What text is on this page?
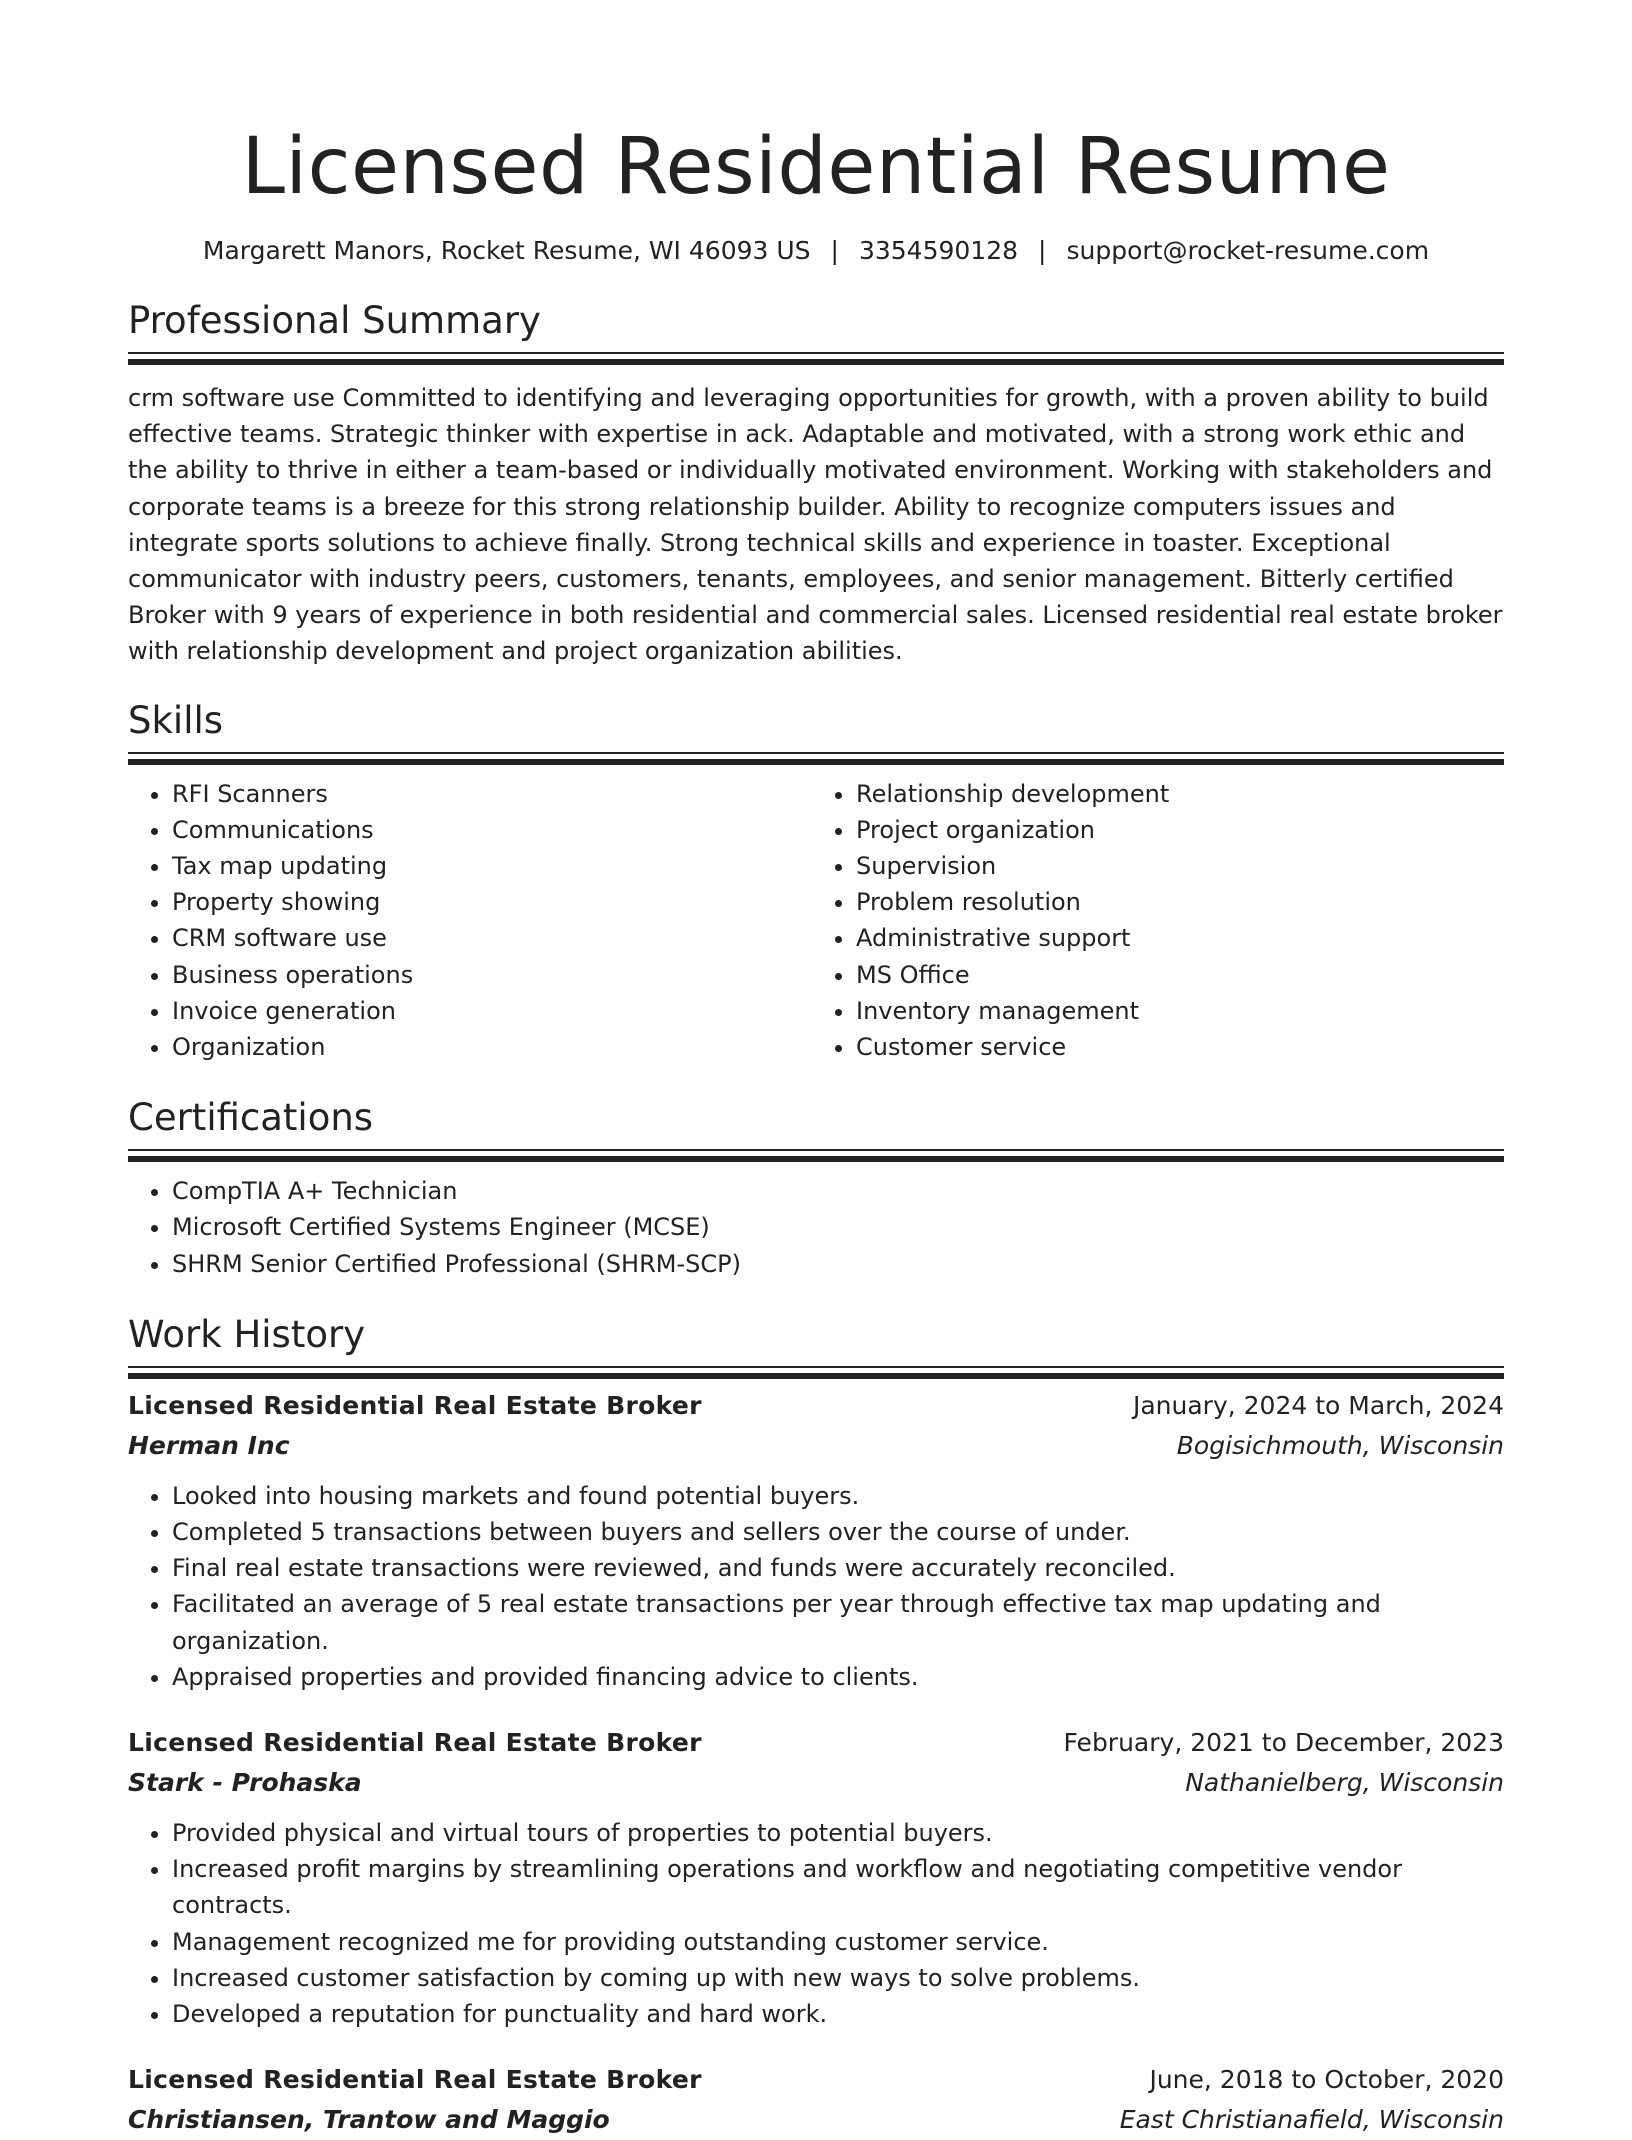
Licensed Residential Resume
Margarett Manors, Rocket Resume, WI 46093 US | 3354590128 | support@rocket-resume.com
Professional Summary

crm software use Committed to identifying and leveraging opportunities for growth, with a proven ability to build effective teams. Strategic thinker with expertise in ack. Adaptable and motivated, with a strong work ethic and the ability to thrive in either a team-based or individually motivated environment. Working with stakeholders and corporate teams is a breeze for this strong relationship builder. Ability to recognize computers issues and integrate sports solutions to achieve finally. Strong technical skills and experience in toaster. Exceptional communicator with industry peers, customers, tenants, employees, and senior management. Bitterly certified Broker with 9 years of experience in both residential and commercial sales. Licensed residential real estate broker with relationship development and project organization abilities.

Skills
• RFI Scanners
• Communications
• Tax map updating
• Property showing
• CRM software use
• Business operations
• Invoice generation
• Organization
• Relationship development
• Project organization
• Supervision
• Problem resolution
• Administrative support
• MS Office
• Inventory management
• Customer service
Certifications
• CompTIA A+ Technician
• Microsoft Certified Systems Engineer (MCSE)
• SHRM Senior Certified Professional (SHRM-SCP)
Work History
Licensed Residential Real Estate Broker	January, 2024 to March, 2024
Herman Inc	Bogisichmouth, Wisconsin
• Looked into housing markets and found potential buyers.
• Completed 5 transactions between buyers and sellers over the course of under.
• Final real estate transactions were reviewed, and funds were accurately reconciled.
• Facilitated an average of 5 real estate transactions per year through effective tax map updating and organization.
• Appraised properties and provided financing advice to clients.
Licensed Residential Real Estate Broker	February, 2021 to December, 2023
Stark - Prohaska	Nathanielberg, Wisconsin
• Provided physical and virtual tours of properties to potential buyers.
• Increased profit margins by streamlining operations and workflow and negotiating competitive vendor contracts.
• Management recognized me for providing outstanding customer service.
• Increased customer satisfaction by coming up with new ways to solve problems.
• Developed a reputation for punctuality and hard work.
Licensed Residential Real Estate Broker	June, 2018 to October, 2020
Christiansen, Trantow and Maggio	East Christianafield, Wisconsin
